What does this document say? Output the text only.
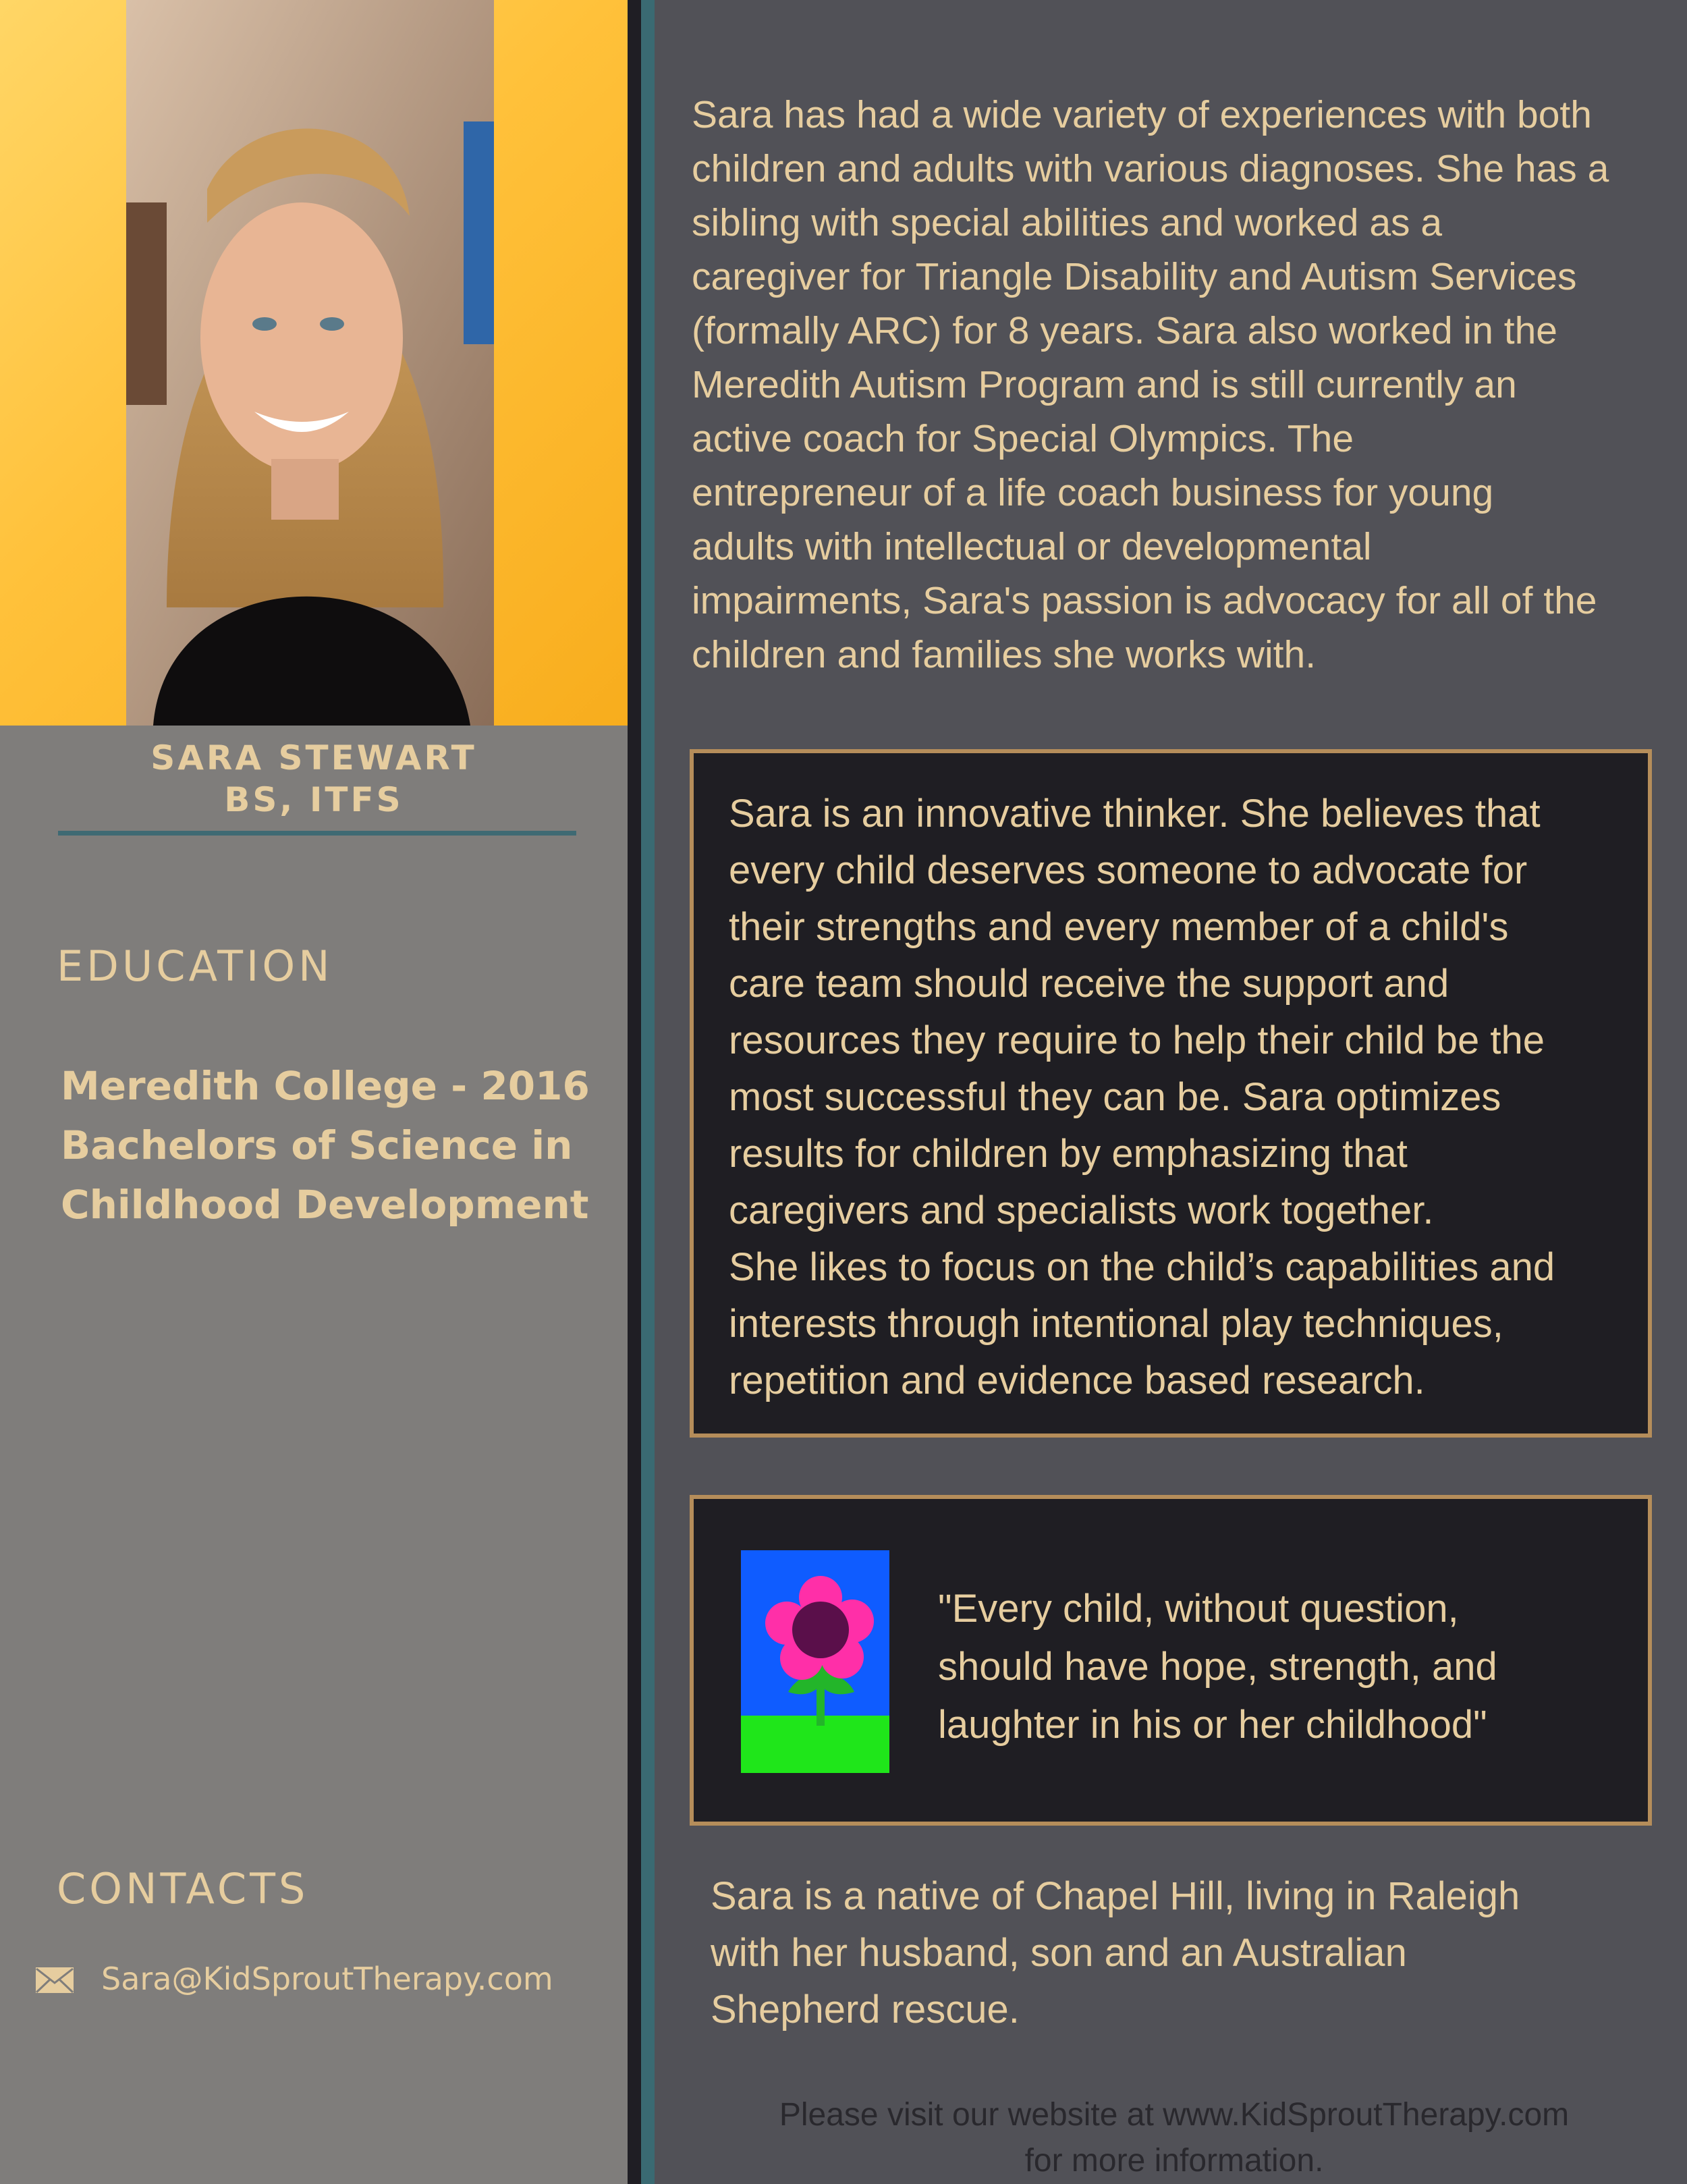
SARA STEWART
BS, ITFS
EDUCATION
Meredith College - 2016
Bachelors of Science in
Childhood Development
CONTACTS
Sara@KidSproutTherapy.com
Sara has had a wide variety of experiences with both
children and adults with various diagnoses. She has a
sibling with special abilities and worked as a
caregiver for Triangle Disability and Autism Services
(formally ARC) for 8 years. Sara also worked in the
Meredith Autism Program and is still currently an
active coach for Special Olympics. The
entrepreneur of a life coach business for young
adults with intellectual or developmental
impairments, Sara's passion is advocacy for all of the
children and families she works with.
Sara is an innovative thinker. She believes that
every child deserves someone to advocate for
their strengths and every member of a child's
care team should receive the support and
resources they require to help their child be the
most successful they can be. Sara optimizes
results for children by emphasizing that
caregivers and specialists work together.
She likes to focus on the child’s capabilities and
interests through intentional play techniques,
repetition and evidence based research.
"Every child, without question,
should have hope, strength, and
laughter in his or her childhood"
Sara is a native of Chapel Hill, living in Raleigh
with her husband, son and an Australian
Shepherd rescue.
Please visit our website at www.KidSproutTherapy.com
for more information.
